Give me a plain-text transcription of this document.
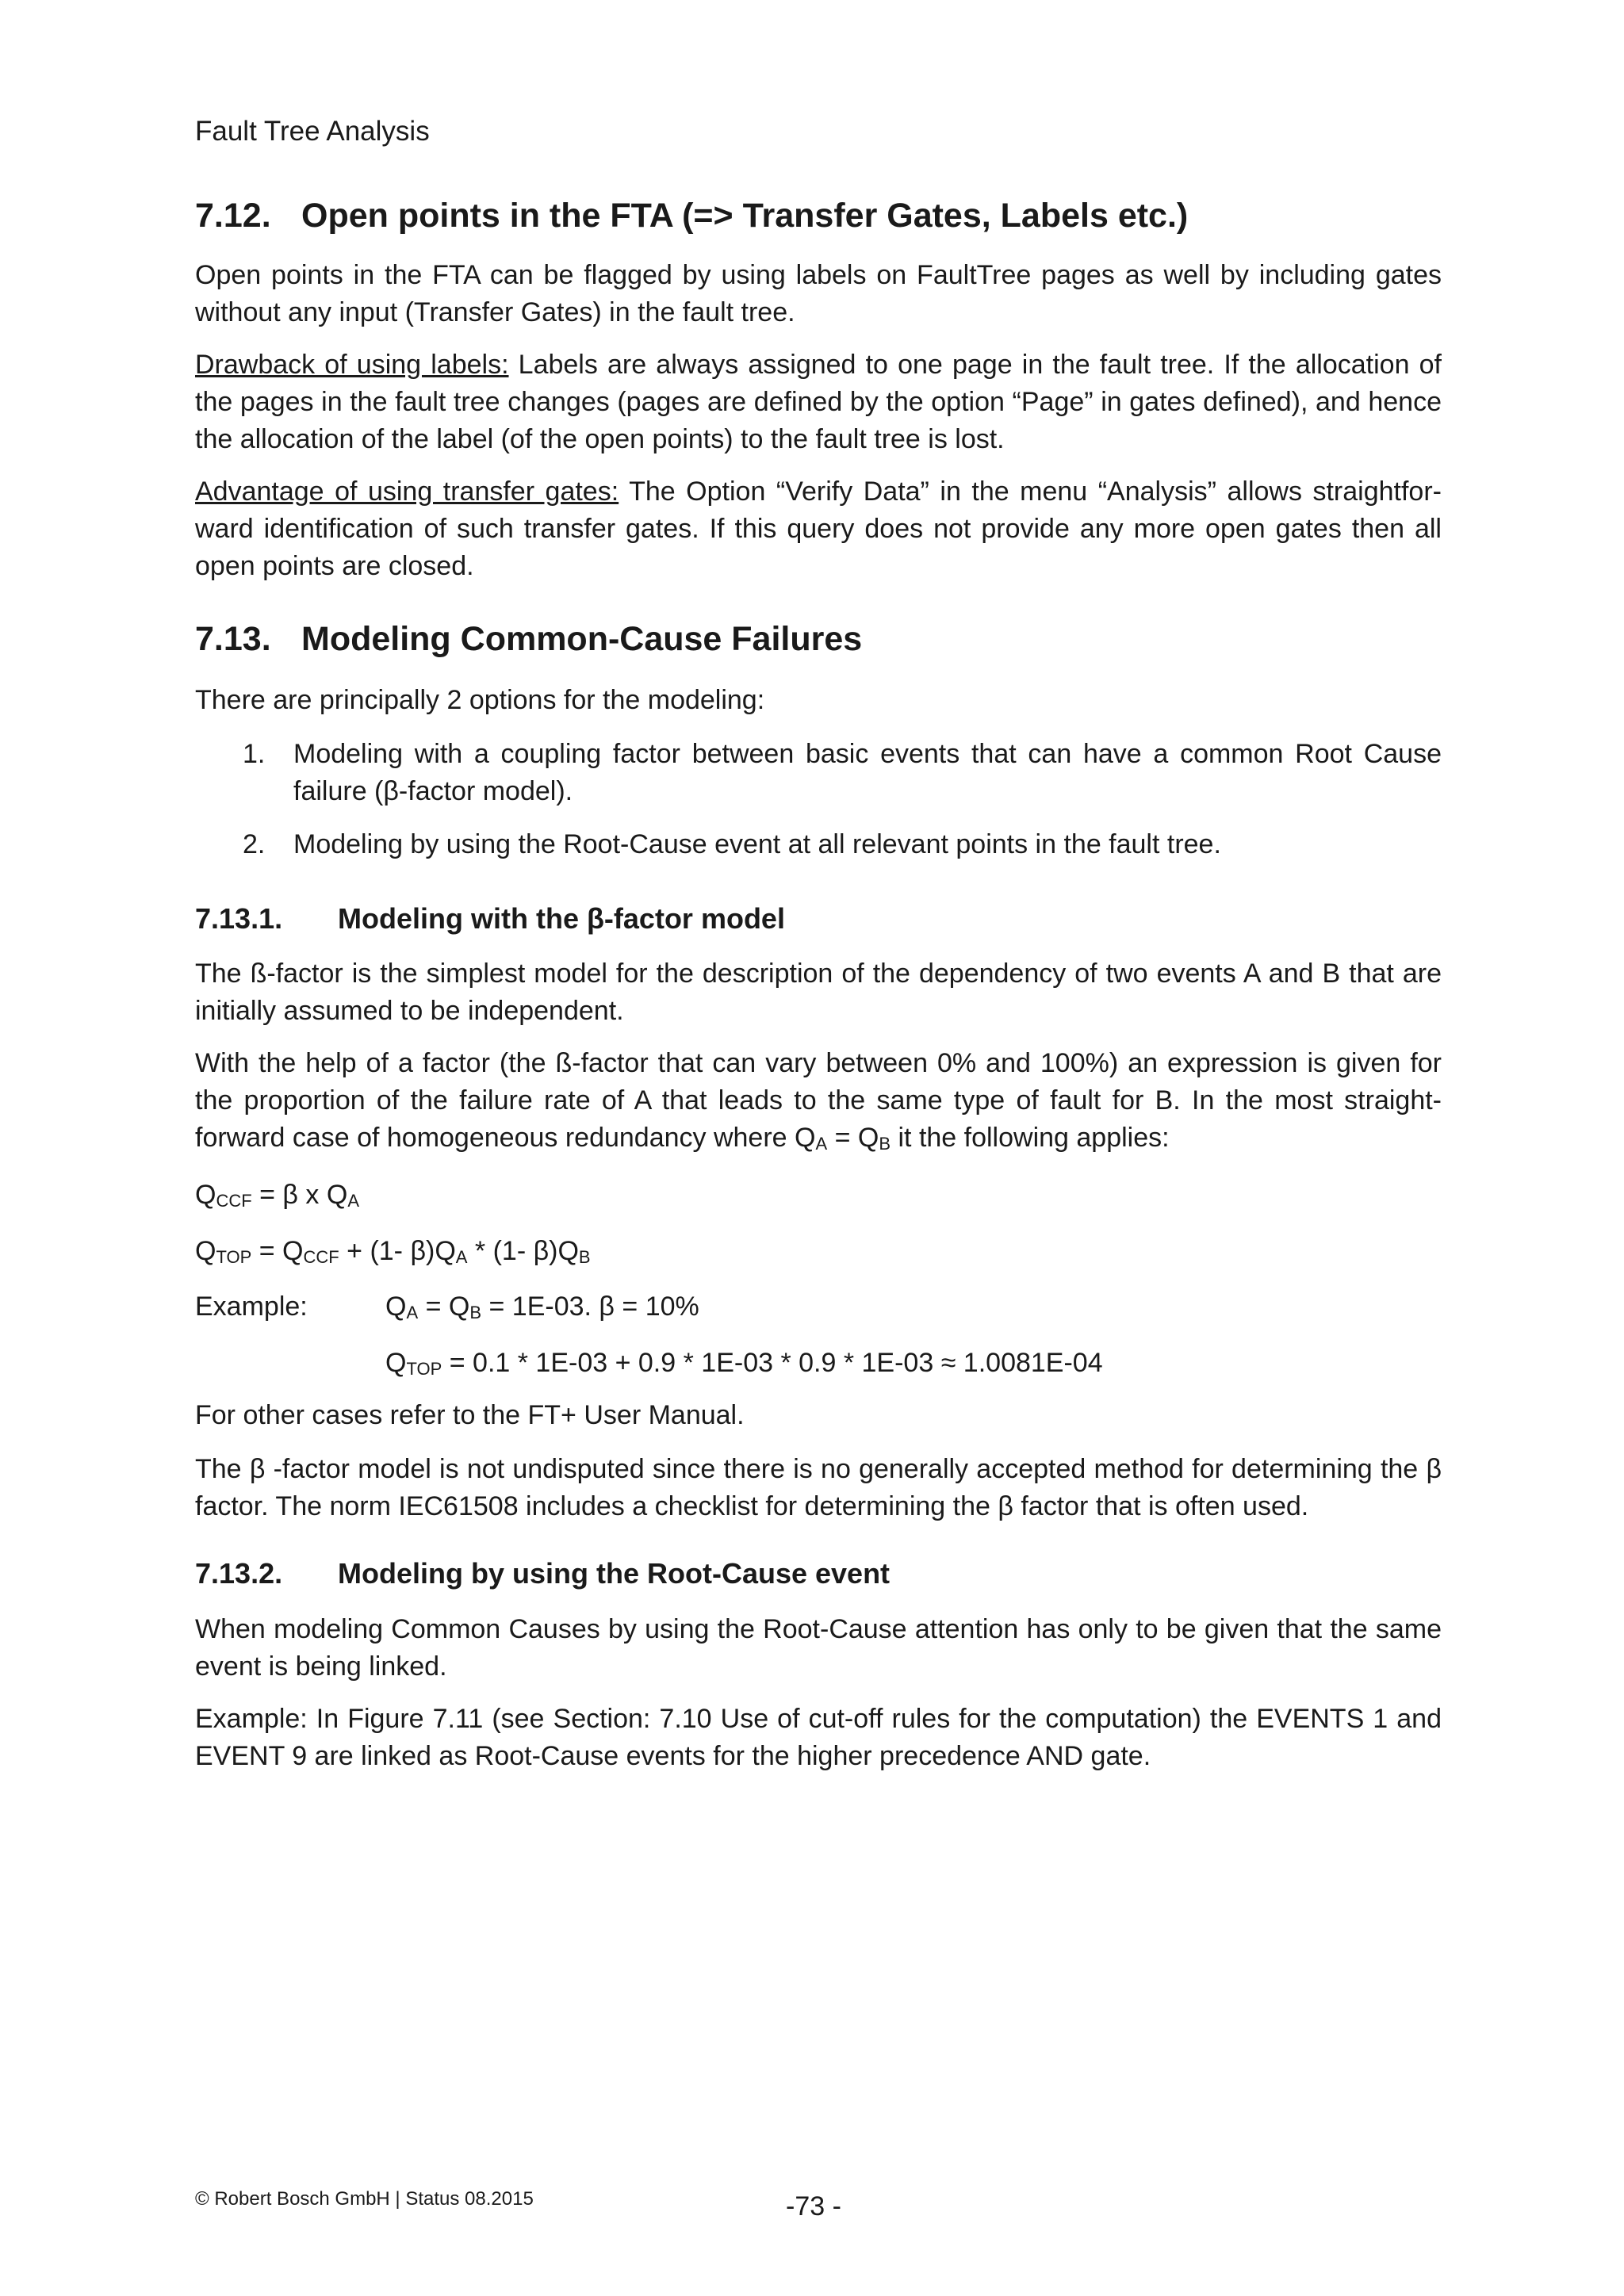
Fault Tree Analysis
7.12. Open points in the FTA (=> Transfer Gates, Labels etc.)
Open points in the FTA can be flagged by using labels on FaultTree pages as well by including gates without any input (Transfer Gates) in the fault tree.
Drawback of using labels: Labels are always assigned to one page in the fault tree. If the allocation of the pages in the fault tree changes (pages are defined by the option “Page” in gates defined), and hence the allocation of the label (of the open points) to the fault tree is lost.
Advantage of using transfer gates: The Option “Verify Data” in the menu “Analysis” allows straightforward identification of such transfer gates. If this query does not provide any more open gates then all open points are closed.
7.13. Modeling Common-Cause Failures
There are principally 2 options for the modeling:
1. Modeling with a coupling factor between basic events that can have a common Root Cause failure (β-factor model).
2. Modeling by using the Root-Cause event at all relevant points in the fault tree.
7.13.1. Modeling with the β-factor model
The ß-factor is the simplest model for the description of the dependency of two events A and B that are initially assumed to be independent.
With the help of a factor (the ß-factor that can vary between 0% and 100%) an expression is given for the proportion of the failure rate of A that leads to the same type of fault for B. In the most straightforward case of homogeneous redundancy where QA = QB it the following applies:
QCCF = β x QA
QTOP = QCCF + (1- β)QA * (1- β)QB
Example:	QA = QB = 1E-03. β = 10%
QTOP = 0.1 * 1E-03 + 0.9 * 1E-03 * 0.9 * 1E-03 ≈ 1.0081E-04
For other cases refer to the FT+ User Manual.
The β -factor model is not undisputed since there is no generally accepted method for determining the β factor. The norm IEC61508 includes a checklist for determining the β factor that is often used.
7.13.2. Modeling by using the Root-Cause event
When modeling Common Causes by using the Root-Cause attention has only to be given that the same event is being linked.
Example: In Figure 7.11 (see Section: 7.10 Use of cut-off rules for the computation) the EVENTS 1 and EVENT 9 are linked as Root-Cause events for the higher precedence AND gate.
© Robert Bosch GmbH | Status 08.2015	-73 -
